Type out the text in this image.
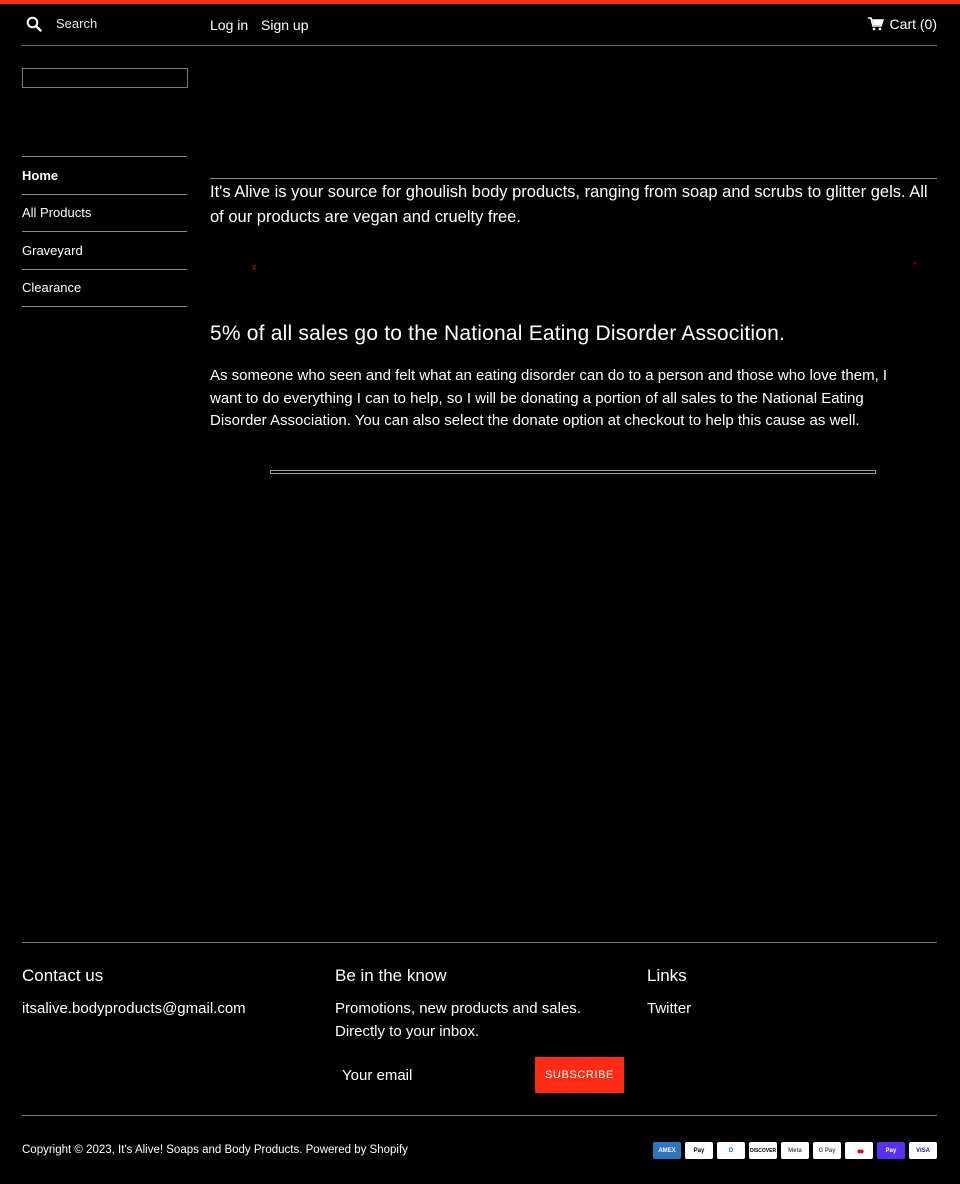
Search
Log in Sign up	Cart (0)
Home
All Products
Graveyard
Clearance
It's Alive is your source for ghoulish body products, ranging from soap and scrubs to glitter gels. All of our products are vegan and cruelty free.
x	"
5% of all sales go to the National Eating Disorder Assocition.
As someone who seen and felt what an eating disorder can do to a person and those who love them, I want to do everything I can to help, so I will be donating a portion of all sales to the National Eating Disorder Association. You can also select the donate option at checkout to help this cause as well.
Contact us
itsalive.bodyproducts@gmail.com
Be in the know
Promotions, new products and sales.
Directly to your inbox.
Your email
SUBSCRIBE
Links
Twitter
Copyright © 2023, It's Alive! Soaps and Body Products. Powered by Shopify	AMEX	Pay	D	DISCOVER	Meta	G Pay	●●	Pay	VISA
